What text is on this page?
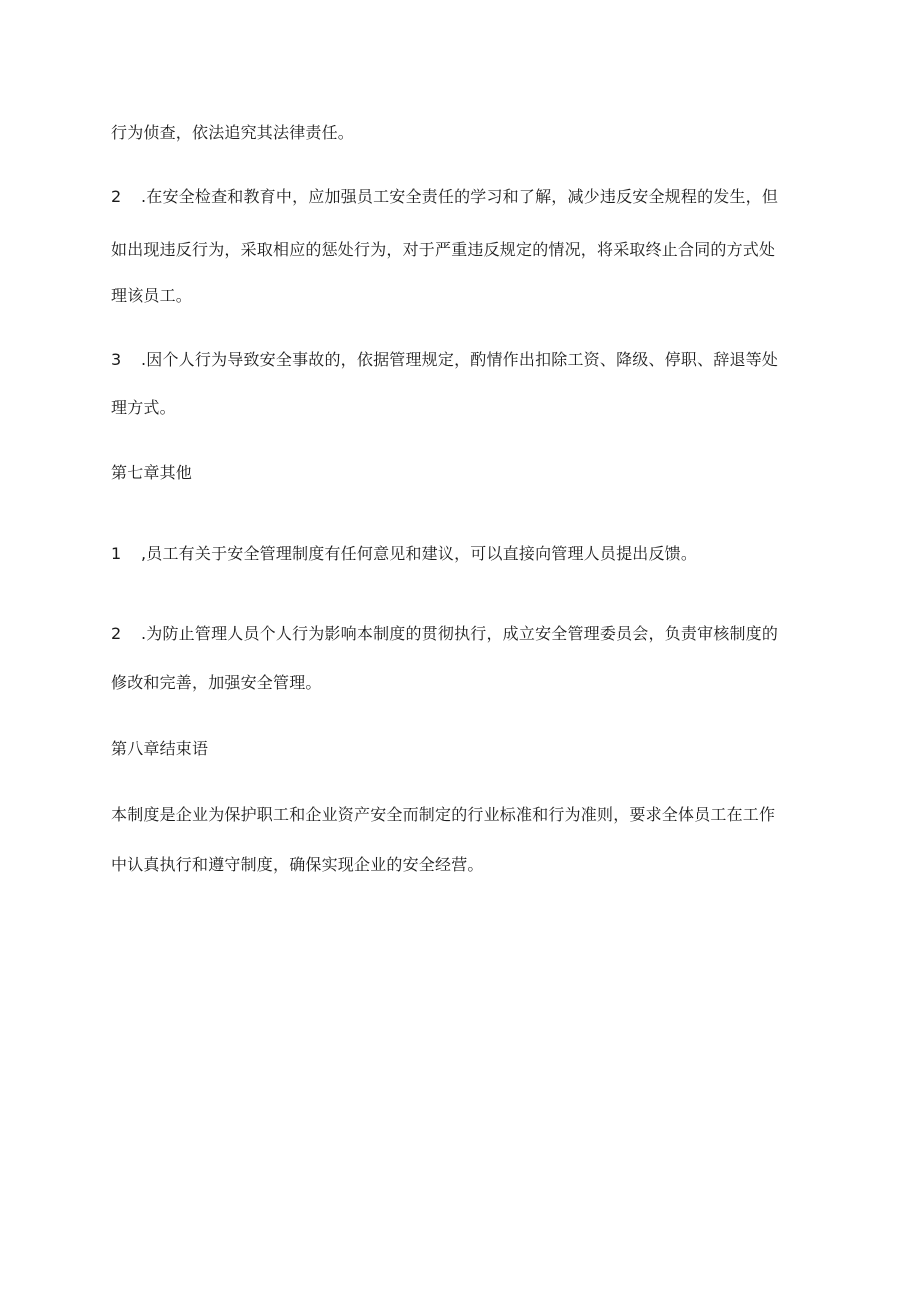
行为侦查，依法追究其法律责任。
2 .在安全检查和教育中，应加强员工安全责任的学习和了解，减少违反安全规程的发生，但
如出现违反行为，采取相应的惩处行为，对于严重违反规定的情况，将采取终止合同的方式处
理该员工。
3 .因个人行为导致安全事故的，依据管理规定，酌情作出扣除工资、降级、停职、辞退等处
理方式。
第七章其他
1 ,员工有关于安全管理制度有任何意见和建议，可以直接向管理人员提出反馈。
2 .为防止管理人员个人行为影响本制度的贯彻执行，成立安全管理委员会，负责审核制度的
修改和完善，加强安全管理。
第八章结束语
本制度是企业为保护职工和企业资产安全而制定的行业标准和行为准则，要求全体员工在工作
中认真执行和遵守制度，确保实现企业的安全经营。
